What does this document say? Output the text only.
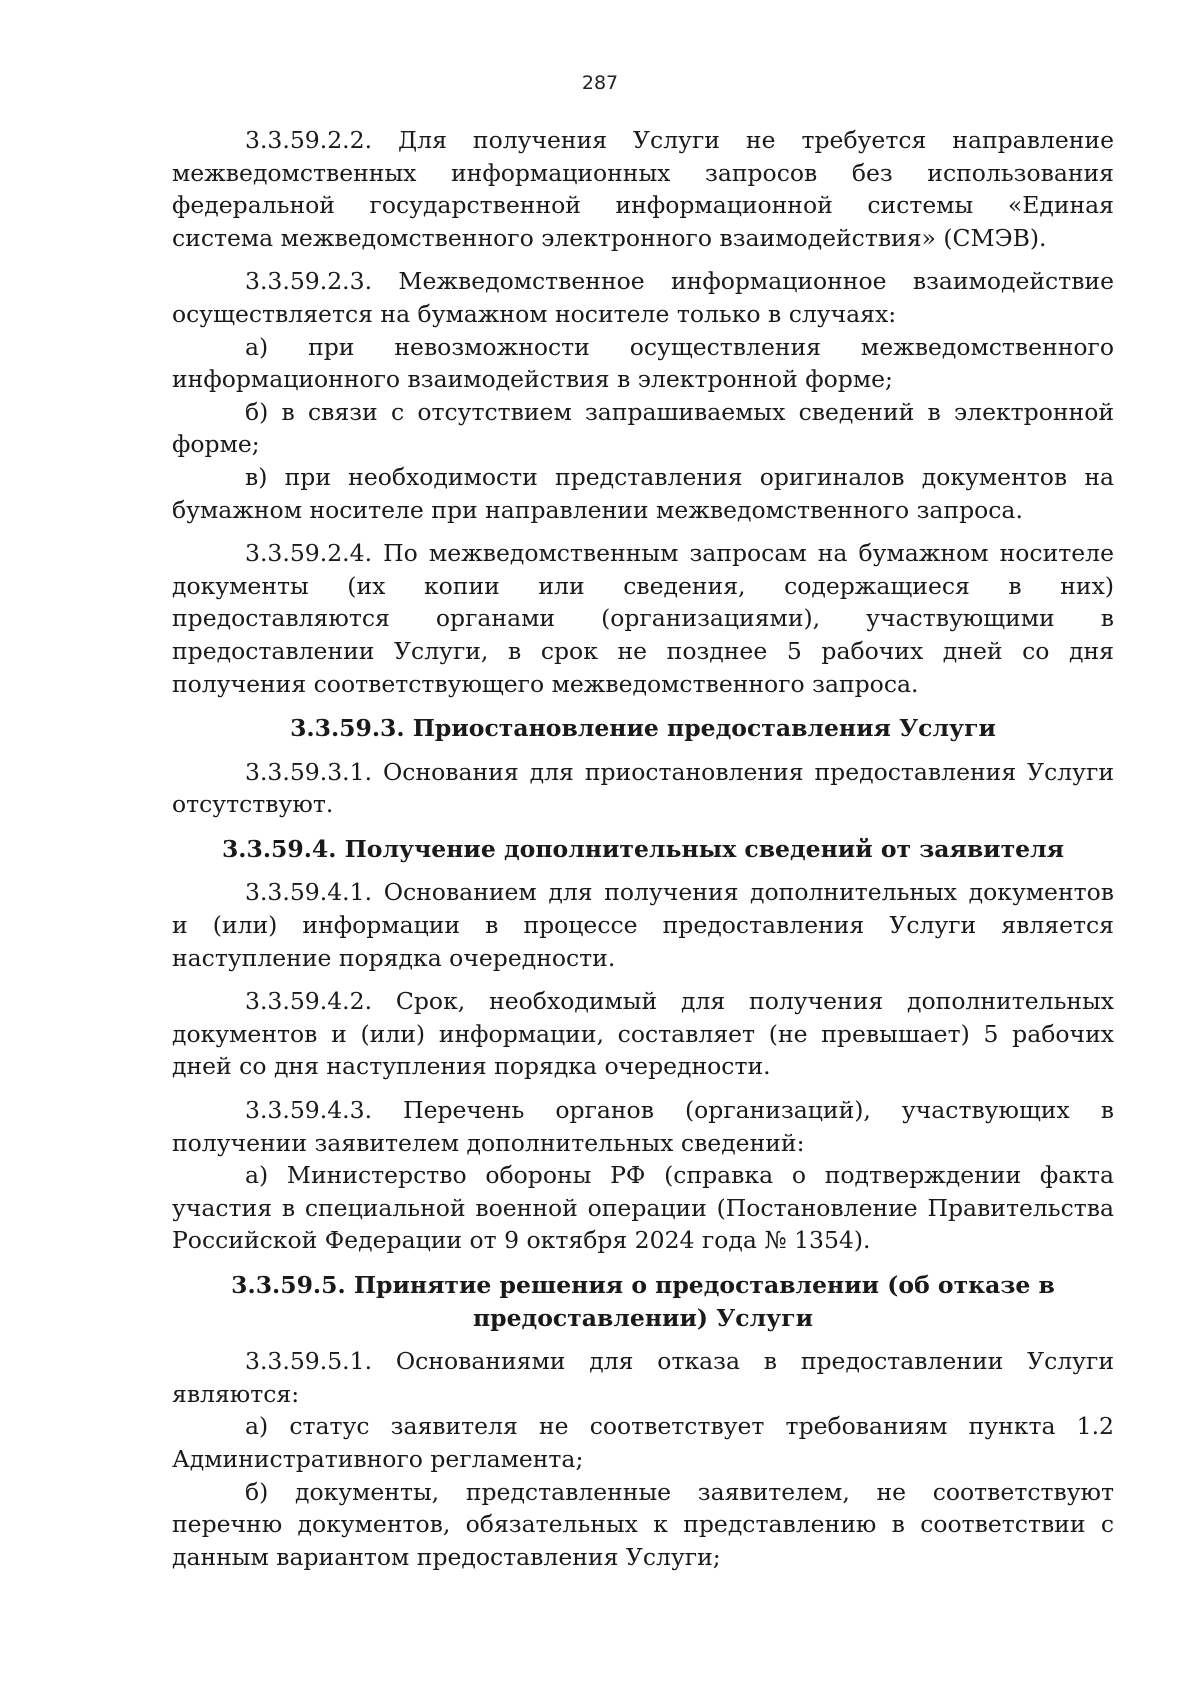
287

3.3.59.2.2. Для получения Услуги не требуется направление межведомственных информационных запросов без использования федеральной государственной информационной системы «Единая система межведомственного электронного взаимодействия» (СМЭВ).

3.3.59.2.3. Межведомственное информационное взаимодействие осуществляется на бумажном носителе только в случаях:

а) при невозможности осуществления межведомственного информационного взаимодействия в электронной форме;

б) в связи с отсутствием запрашиваемых сведений в электронной форме;

в) при необходимости представления оригиналов документов на бумажном носителе при направлении межведомственного запроса.

3.3.59.2.4. По межведомственным запросам на бумажном носителе документы (их копии или сведения, содержащиеся в них) предоставляются органами (организациями), участвующими в предоставлении Услуги, в срок не позднее 5 рабочих дней со дня получения соответствующего межведомственного запроса.

3.3.59.3. Приостановление предоставления Услуги

3.3.59.3.1. Основания для приостановления предоставления Услуги отсутствуют.

3.3.59.4. Получение дополнительных сведений от заявителя

3.3.59.4.1. Основанием для получения дополнительных документов и (или) информации в процессе предоставления Услуги является наступление порядка очередности.

3.3.59.4.2. Срок, необходимый для получения дополнительных документов и (или) информации, составляет (не превышает) 5 рабочих дней со дня наступления порядка очередности.

3.3.59.4.3. Перечень органов (организаций), участвующих в получении заявителем дополнительных сведений:

а) Министерство обороны РФ (справка о подтверждении факта участия в специальной военной операции (Постановление Правительства Российской Федерации от 9 октября 2024 года № 1354).

3.3.59.5. Принятие решения о предоставлении (об отказе в
предоставлении) Услуги

3.3.59.5.1. Основаниями для отказа в предоставлении Услуги являются:

а) статус заявителя не соответствует требованиям пункта 1.2 Административного регламента;

б) документы, представленные заявителем, не соответствуют перечню документов, обязательных к представлению в соответствии с данным вариантом предоставления Услуги;
